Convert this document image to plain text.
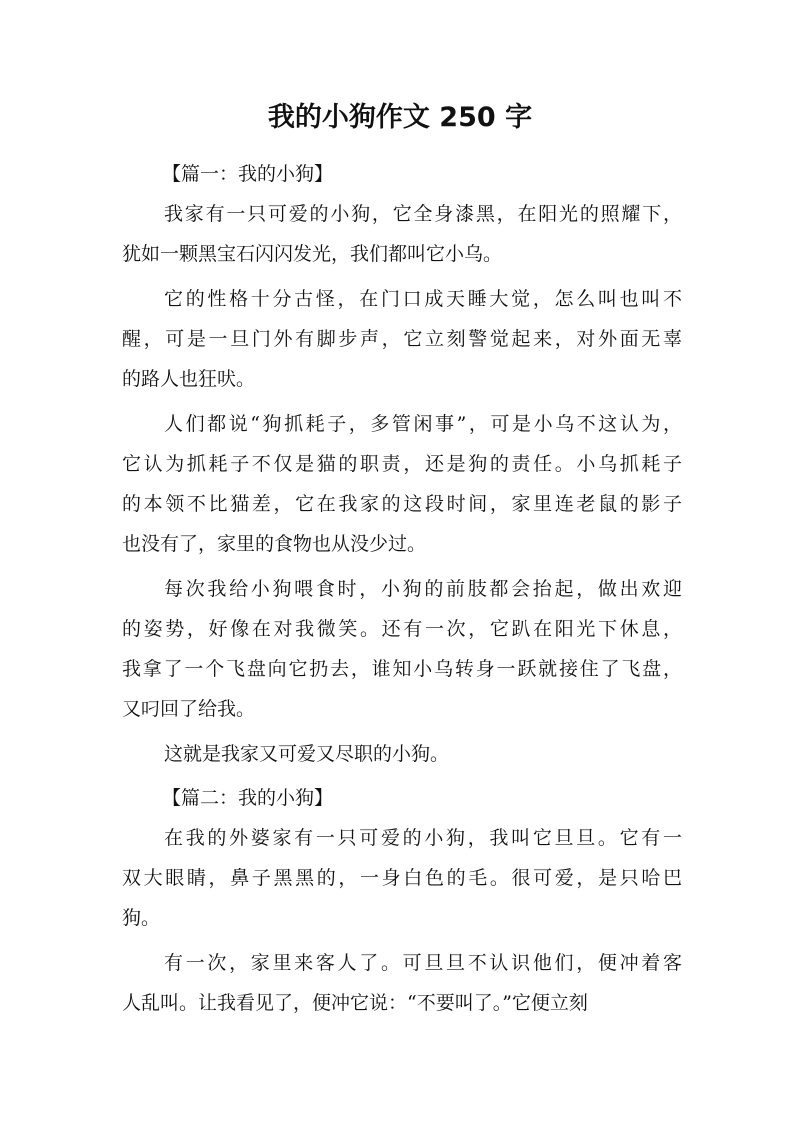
我的小狗作文 250 字
【篇一：我的小狗】
我家有一只可爱的小狗，它全身漆黑，在阳光的照耀下，
犹如一颗黑宝石闪闪发光，我们都叫它小乌。
它的性格十分古怪，在门口成天睡大觉，怎么叫也叫不
醒，可是一旦门外有脚步声，它立刻警觉起来，对外面无辜
的路人也狂吠。
人们都说“狗抓耗子，多管闲事”，可是小乌不这认为，
它认为抓耗子不仅是猫的职责，还是狗的责任。小乌抓耗子
的本领不比猫差，它在我家的这段时间，家里连老鼠的影子
也没有了，家里的食物也从没少过。
每次我给小狗喂食时，小狗的前肢都会抬起，做出欢迎
的姿势，好像在对我微笑。还有一次，它趴在阳光下休息，
我拿了一个飞盘向它扔去，谁知小乌转身一跃就接住了飞盘，
又叼回了给我。
这就是我家又可爱又尽职的小狗。
【篇二：我的小狗】
在我的外婆家有一只可爱的小狗，我叫它旦旦。它有一
双大眼睛，鼻子黑黑的，一身白色的毛。很可爱，是只哈巴
狗。
有一次，家里来客人了。可旦旦不认识他们，便冲着客
人乱叫。让我看见了，便冲它说：“不要叫了。”它便立刻
